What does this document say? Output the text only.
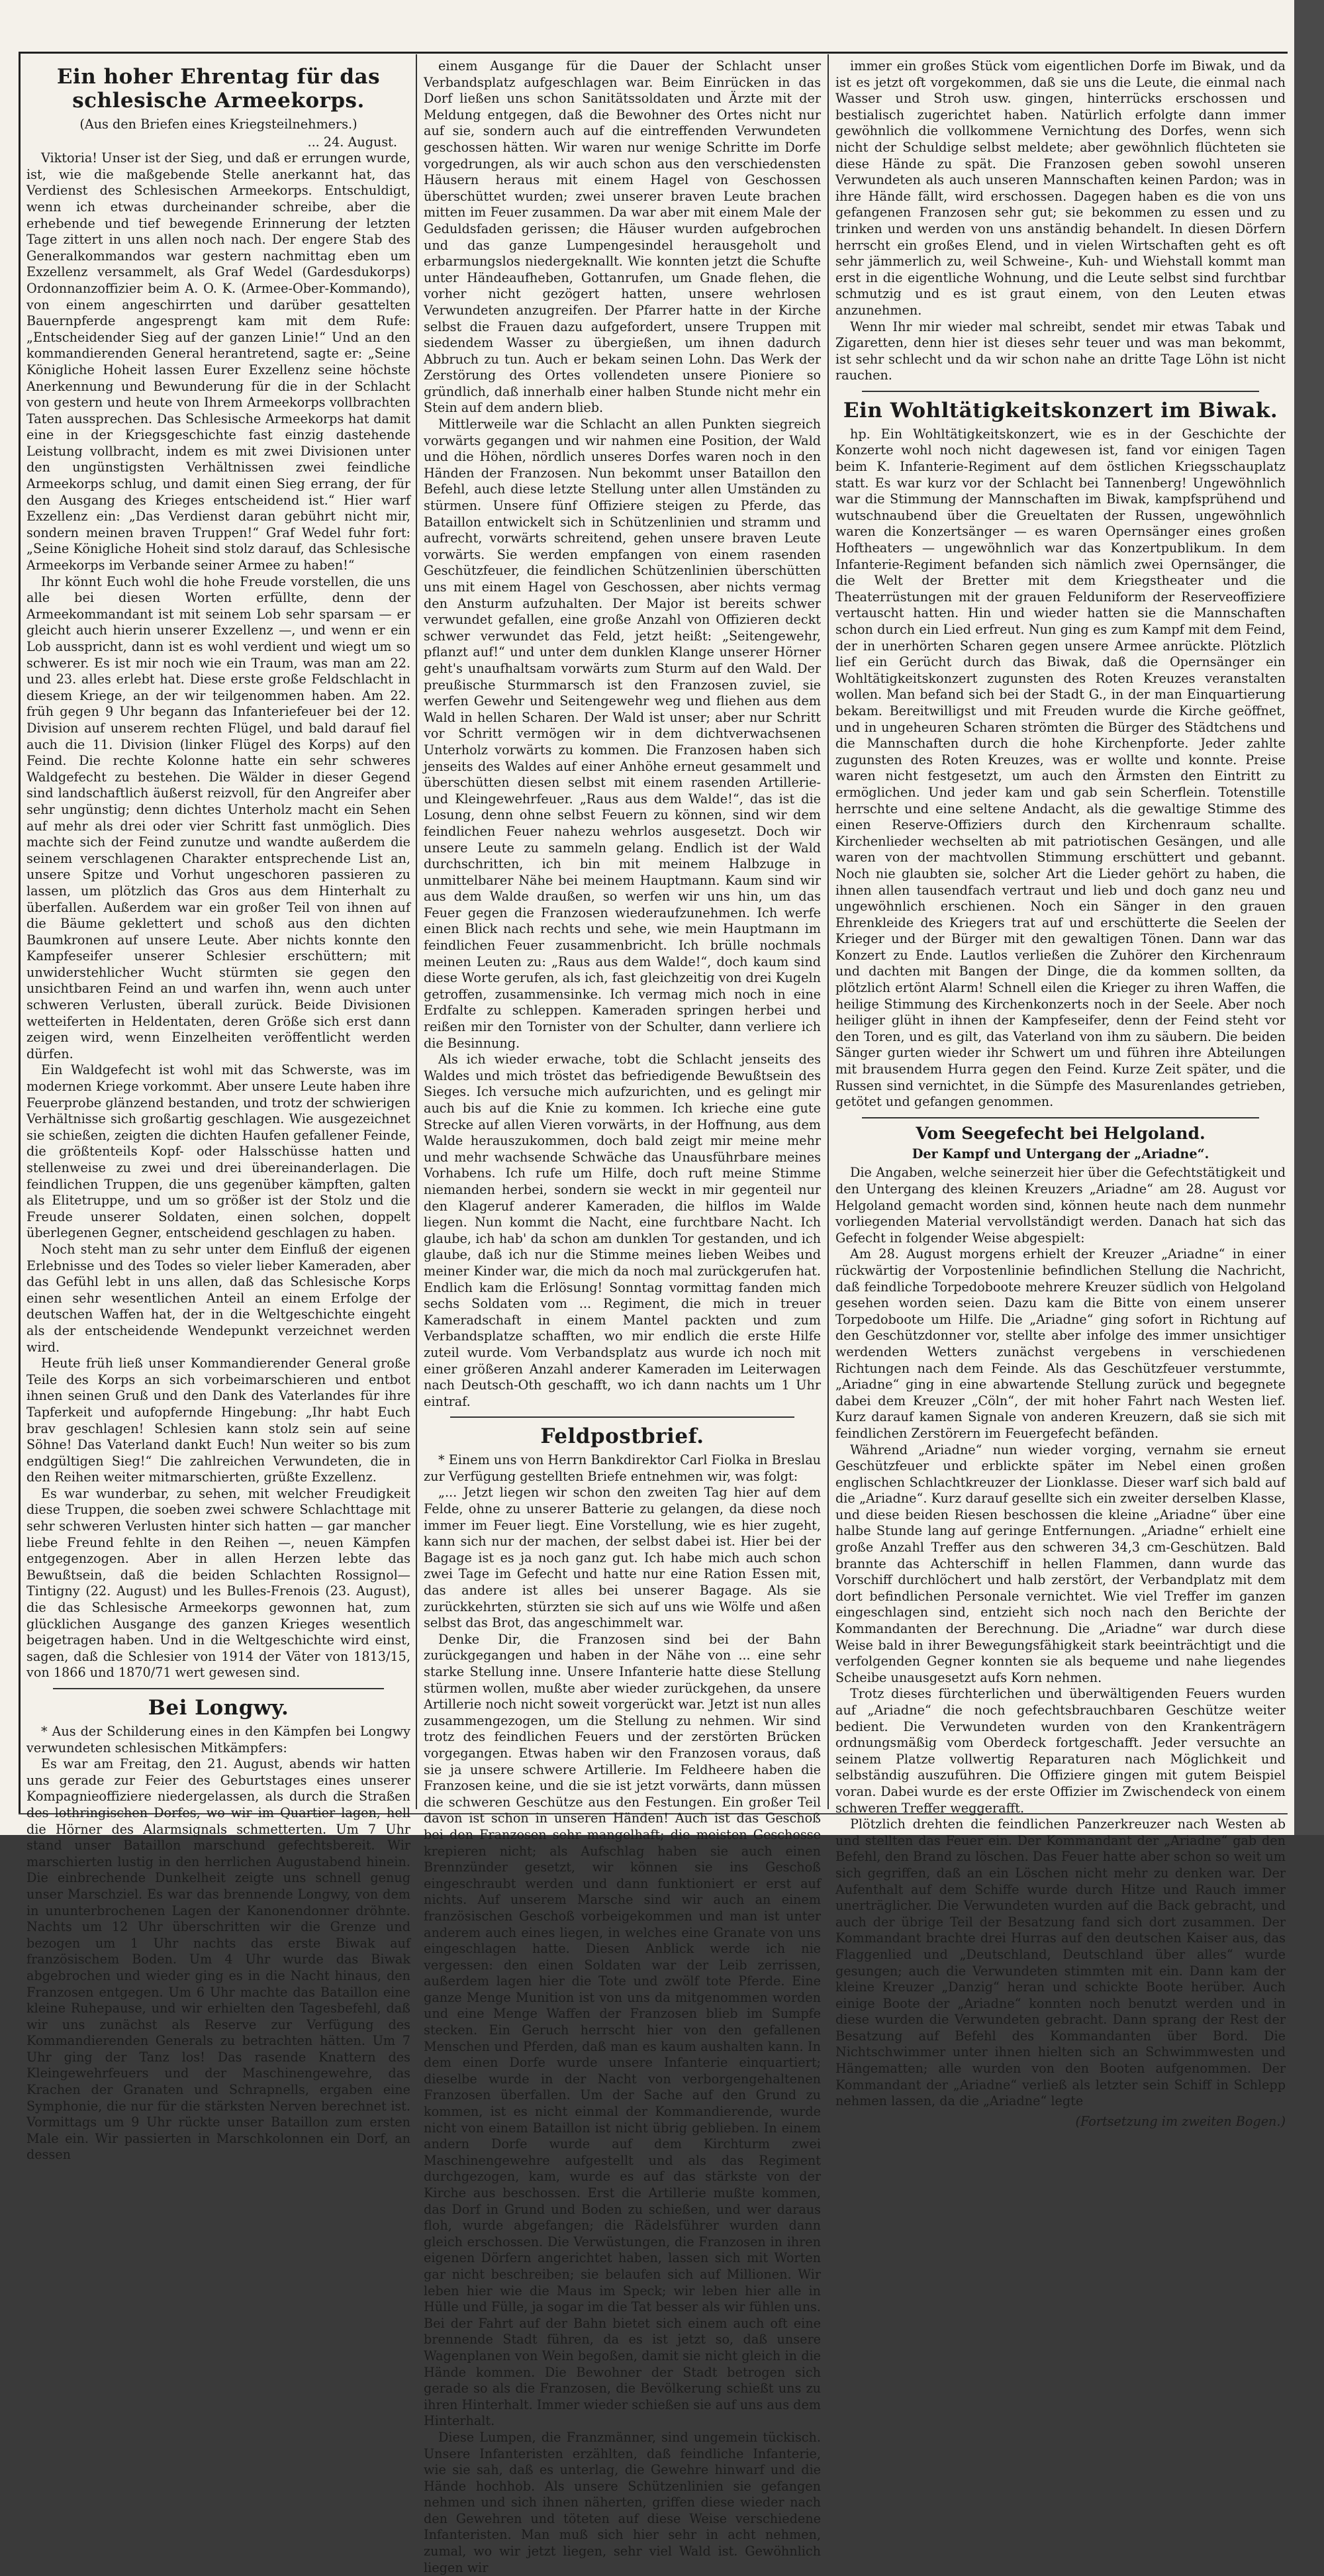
Ein hoher Ehrentag für das schlesische Armeekorps.
(Aus den Briefen eines Kriegsteilnehmers.)
... 24. August.

Viktoria! Unser ist der Sieg, und daß er errungen wurde, ist, wie die maßgebende Stelle anerkannt hat, das Verdienst des Schlesischen Armeekorps. Entschuldigt, wenn ich etwas durcheinander schreibe, aber die erhebende und tief bewegende Erinnerung der letzten Tage zittert in uns allen noch nach. Der engere Stab des Generalkommandos war gestern nachmittag eben um Exzellenz versammelt, als Graf Wedel (Gardesdukorps) Ordonnanzoffizier beim A. O. K. (Armee-Ober-Kommando), von einem angeschirrten und darüber gesattelten Bauernpferde angesprengt kam mit dem Rufe: „Entscheidender Sieg auf der ganzen Linie!“ Und an den kommandierenden General herantretend, sagte er: „Seine Königliche Hoheit lassen Eurer Exzellenz seine höchste Anerkennung und Bewunderung für die in der Schlacht von gestern und heute von Ihrem Armeekorps vollbrachten Taten aussprechen. Das Schlesische Armeekorps hat damit eine in der Kriegsgeschichte fast einzig dastehende Leistung vollbracht, indem es mit zwei Divisionen unter den ungünstigsten Verhältnissen zwei feindliche Armeekorps schlug, und damit einen Sieg errang, der für den Ausgang des Krieges entscheidend ist.“ Hier warf Exzellenz ein: „Das Verdienst daran gebührt nicht mir, sondern meinen braven Truppen!“ Graf Wedel fuhr fort: „Seine Königliche Hoheit sind stolz darauf, das Schlesische Armeekorps im Verbande seiner Armee zu haben!“

Ihr könnt Euch wohl die hohe Freude vorstellen, die uns alle bei diesen Worten erfüllte, denn der Armeekommandant ist mit seinem Lob sehr sparsam — er gleicht auch hierin unserer Exzellenz —, und wenn er ein Lob ausspricht, dann ist es wohl verdient und wiegt um so schwerer. Es ist mir noch wie ein Traum, was man am 22. und 23. alles erlebt hat. Diese erste große Feldschlacht in diesem Kriege, an der wir teilgenommen haben. Am 22. früh gegen 9 Uhr begann das Infanteriefeuer bei der 12. Division auf unserem rechten Flügel, und bald darauf fiel auch die 11. Division (linker Flügel des Korps) auf den Feind. Die rechte Kolonne hatte ein sehr schweres Waldgefecht zu bestehen. Die Wälder in dieser Gegend sind landschaftlich äußerst reizvoll, für den Angreifer aber sehr ungünstig; denn dichtes Unterholz macht ein Sehen auf mehr als drei oder vier Schritt fast unmöglich. Dies machte sich der Feind zunutze und wandte außerdem die seinem verschlagenen Charakter entsprechende List an, unsere Spitze und Vorhut ungeschoren passieren zu lassen, um plötzlich das Gros aus dem Hinterhalt zu überfallen. Außerdem war ein großer Teil von ihnen auf die Bäume geklettert und schoß aus den dichten Baumkronen auf unsere Leute. Aber nichts konnte den Kampfeseifer unserer Schlesier erschüttern; mit unwiderstehlicher Wucht stürmten sie gegen den unsichtbaren Feind an und warfen ihn, wenn auch unter schweren Verlusten, überall zurück. Beide Divisionen wetteiferten in Heldentaten, deren Größe sich erst dann zeigen wird, wenn Einzelheiten veröffentlicht werden dürfen.

Ein Waldgefecht ist wohl mit das Schwerste, was im modernen Kriege vorkommt. Aber unsere Leute haben ihre Feuerprobe glänzend bestanden, und trotz der schwierigen Verhältnisse sich großartig geschlagen. Wie ausgezeichnet sie schießen, zeigten die dichten Haufen gefallener Feinde, die größtenteils Kopf- oder Halsschüsse hatten und stellenweise zu zwei und drei übereinanderlagen. Die feindlichen Truppen, die uns gegenüber kämpften, galten als Elitetruppe, und um so größer ist der Stolz und die Freude unserer Soldaten, einen solchen, doppelt überlegenen Gegner, entscheidend geschlagen zu haben.

Noch steht man zu sehr unter dem Einfluß der eigenen Erlebnisse und des Todes so vieler lieber Kameraden, aber das Gefühl lebt in uns allen, daß das Schlesische Korps einen sehr wesentlichen Anteil an einem Erfolge der deutschen Waffen hat, der in die Weltgeschichte eingeht als der entscheidende Wendepunkt verzeichnet werden wird.

Heute früh ließ unser Kommandierender General große Teile des Korps an sich vorbeimarschieren und entbot ihnen seinen Gruß und den Dank des Vaterlandes für ihre Tapferkeit und aufopfernde Hingebung: „Ihr habt Euch brav geschlagen! Schlesien kann stolz sein auf seine Söhne! Das Vaterland dankt Euch! Nun weiter so bis zum endgültigen Sieg!“ Die zahlreichen Verwundeten, die in den Reihen weiter mitmarschierten, grüßte Exzellenz.

Es war wunderbar, zu sehen, mit welcher Freudigkeit diese Truppen, die soeben zwei schwere Schlachttage mit sehr schweren Verlusten hinter sich hatten — gar mancher liebe Freund fehlte in den Reihen —, neuen Kämpfen entgegenzogen. Aber in allen Herzen lebte das Bewußtsein, daß die beiden Schlachten Rossignol—Tintigny (22. August) und les Bulles-Frenois (23. August), die das Schlesische Armeekorps gewonnen hat, zum glücklichen Ausgange des ganzen Krieges wesentlich beigetragen haben. Und in die Weltgeschichte wird einst, sagen, daß die Schlesier von 1914 der Väter von 1813/15, von 1866 und 1870/71 wert gewesen sind.

Bei Longwy.

* Aus der Schilderung eines in den Kämpfen bei Longwy verwundeten schlesischen Mitkämpfers:

Es war am Freitag, den 21. August, abends wir hatten uns gerade zur Feier des Geburtstages eines unserer Kompagnieoffiziere niedergelassen, als durch die Straßen des lothringischen Dorfes, wo wir im Quartier lagen, hell die Hörner des Alarmsignals schmetterten. Um 7 Uhr stand unser Bataillon marschund gefechtsbereit. Wir marschierten lustig in den herrlichen Augustabend hinein. Die einbrechende Dunkelheit zeigte uns schnell genug unser Marschziel. Es war das brennende Longwy, von dem in ununterbrochenen Lagen der Kanonendonner dröhnte. Nachts um 12 Uhr überschritten wir die Grenze und bezogen um 1 Uhr nachts das erste Biwak auf französischem Boden. Um 4 Uhr wurde das Biwak abgebrochen und wieder ging es in die Nacht hinaus, den Franzosen entgegen. Um 6 Uhr machte das Bataillon eine kleine Ruhepause, und wir erhielten den Tagesbefehl, daß wir uns zunächst als Reserve zur Verfügung des Kommandierenden Generals zu betrachten hätten. Um 7 Uhr ging der Tanz los! Das rasende Knattern des Kleingewehrfeuers und der Maschinengewehre, das Krachen der Granaten und Schrapnells, ergaben eine Symphonie, die nur für die stärksten Nerven berechnet ist. Vormittags um 9 Uhr rückte unser Bataillon zum ersten Male ein. Wir passierten in Marschkolonnen ein Dorf, an dessen

einem Ausgange für die Dauer der Schlacht unser Verbandsplatz aufgeschlagen war. Beim Einrücken in das Dorf ließen uns schon Sanitätssoldaten und Ärzte mit der Meldung entgegen, daß die Bewohner des Ortes nicht nur auf sie, sondern auch auf die eintreffenden Verwundeten geschossen hätten. Wir waren nur wenige Schritte im Dorfe vorgedrungen, als wir auch schon aus den verschiedensten Häusern heraus mit einem Hagel von Geschossen überschüttet wurden; zwei unserer braven Leute brachen mitten im Feuer zusammen. Da war aber mit einem Male der Geduldsfaden gerissen; die Häuser wurden aufgebrochen und das ganze Lumpengesindel herausgeholt und erbarmungslos niedergeknallt. Wie konnten jetzt die Schufte unter Händeaufheben, Gottanrufen, um Gnade flehen, die vorher nicht gezögert hatten, unsere wehrlosen Verwundeten anzugreifen. Der Pfarrer hatte in der Kirche selbst die Frauen dazu aufgefordert, unsere Truppen mit siedendem Wasser zu übergießen, um ihnen dadurch Abbruch zu tun. Auch er bekam seinen Lohn. Das Werk der Zerstörung des Ortes vollendeten unsere Pioniere so gründlich, daß innerhalb einer halben Stunde nicht mehr ein Stein auf dem andern blieb.

Mittlerweile war die Schlacht an allen Punkten siegreich vorwärts gegangen und wir nahmen eine Position, der Wald und die Höhen, nördlich unseres Dorfes waren noch in den Händen der Franzosen. Nun bekommt unser Bataillon den Befehl, auch diese letzte Stellung unter allen Umständen zu stürmen. Unsere fünf Offiziere steigen zu Pferde, das Bataillon entwickelt sich in Schützenlinien und stramm und aufrecht, vorwärts schreitend, gehen unsere braven Leute vorwärts. Sie werden empfangen von einem rasenden Geschützfeuer, die feindlichen Schützenlinien überschütten uns mit einem Hagel von Geschossen, aber nichts vermag den Ansturm aufzuhalten. Der Major ist bereits schwer verwundet gefallen, eine große Anzahl von Offizieren deckt schwer verwundet das Feld, jetzt heißt: „Seitengewehr, pflanzt auf!“ und unter dem dunklen Klange unserer Hörner geht's unaufhaltsam vorwärts zum Sturm auf den Wald. Der preußische Sturmmarsch ist den Franzosen zuviel, sie werfen Gewehr und Seitengewehr weg und fliehen aus dem Wald in hellen Scharen. Der Wald ist unser; aber nur Schritt vor Schritt vermögen wir in dem dichtverwachsenen Unterholz vorwärts zu kommen. Die Franzosen haben sich jenseits des Waldes auf einer Anhöhe erneut gesammelt und überschütten diesen selbst mit einem rasenden Artillerie- und Kleingewehrfeuer. „Raus aus dem Walde!“, das ist die Losung, denn ohne selbst Feuern zu können, sind wir dem feindlichen Feuer nahezu wehrlos ausgesetzt. Doch wir unsere Leute zu sammeln gelang. Endlich ist der Wald durchschritten, ich bin mit meinem Halbzuge in unmittelbarer Nähe bei meinem Hauptmann. Kaum sind wir aus dem Walde draußen, so werfen wir uns hin, um das Feuer gegen die Franzosen wiederaufzunehmen. Ich werfe einen Blick nach rechts und sehe, wie mein Hauptmann im feindlichen Feuer zusammenbricht. Ich brülle nochmals meinen Leuten zu: „Raus aus dem Walde!“, doch kaum sind diese Worte gerufen, als ich, fast gleichzeitig von drei Kugeln getroffen, zusammensinke. Ich vermag mich noch in eine Erdfalte zu schleppen. Kameraden springen herbei und reißen mir den Tornister von der Schulter, dann verliere ich die Besinnung.

Als ich wieder erwache, tobt die Schlacht jenseits des Waldes und mich tröstet das befriedigende Bewußtsein des Sieges. Ich versuche mich aufzurichten, und es gelingt mir auch bis auf die Knie zu kommen. Ich krieche eine gute Strecke auf allen Vieren vorwärts, in der Hoffnung, aus dem Walde herauszukommen, doch bald zeigt mir meine mehr und mehr wachsende Schwäche das Unausführbare meines Vorhabens. Ich rufe um Hilfe, doch ruft meine Stimme niemanden herbei, sondern sie weckt in mir gegenteil nur den Klageruf anderer Kameraden, die hilflos im Walde liegen. Nun kommt die Nacht, eine furchtbare Nacht. Ich glaube, ich hab' da schon am dunklen Tor gestanden, und ich glaube, daß ich nur die Stimme meines lieben Weibes und meiner Kinder war, die mich da noch mal zurückgerufen hat. Endlich kam die Erlösung! Sonntag vormittag fanden mich sechs Soldaten vom ... Regiment, die mich in treuer Kameradschaft in einem Mantel packten und zum Verbandsplatze schafften, wo mir endlich die erste Hilfe zuteil wurde. Vom Verbandsplatz aus wurde ich noch mit einer größeren Anzahl anderer Kameraden im Leiterwagen nach Deutsch-Oth geschafft, wo ich dann nachts um 1 Uhr eintraf.

Feldpostbrief.

* Einem uns von Herrn Bankdirektor Carl Fiolka in Breslau zur Verfügung gestellten Briefe entnehmen wir, was folgt:

„... Jetzt liegen wir schon den zweiten Tag hier auf dem Felde, ohne zu unserer Batterie zu gelangen, da diese noch immer im Feuer liegt. Eine Vorstellung, wie es hier zugeht, kann sich nur der machen, der selbst dabei ist. Hier bei der Bagage ist es ja noch ganz gut. Ich habe mich auch schon zwei Tage im Gefecht und hatte nur eine Ration Essen mit, das andere ist alles bei unserer Bagage. Als sie zurückkehrten, stürzten sie sich auf uns wie Wölfe und aßen selbst das Brot, das angeschimmelt war.

Denke Dir, die Franzosen sind bei der Bahn zurückgegangen und haben in der Nähe von ... eine sehr starke Stellung inne. Unsere Infanterie hatte diese Stellung stürmen wollen, mußte aber wieder zurückgehen, da unsere Artillerie noch nicht soweit vorgerückt war. Jetzt ist nun alles zusammengezogen, um die Stellung zu nehmen. Wir sind trotz des feindlichen Feuers und der zerstörten Brücken vorgegangen. Etwas haben wir den Franzosen voraus, daß sie ja unsere schwere Artillerie. Im Feldheere haben die Franzosen keine, und die sie ist jetzt vorwärts, dann müssen die schweren Geschütze aus den Festungen. Ein großer Teil davon ist schon in unseren Händen! Auch ist das Geschoß bei den Franzosen sehr mangelhaft; die meisten Geschosse krepieren nicht; als Aufschlag haben sie auch einen Brennzünder gesetzt, wir können sie ins Geschoß eingeschraubt werden und dann funktioniert er erst auf nichts. Auf unserem Marsche sind wir auch an einem französischen Geschoß vorbeigekommen und man ist unter anderem auch eines liegen, in welches eine Granate von uns eingeschlagen hatte. Diesen Anblick werde ich nie vergessen: den einen Soldaten war der Leib zerrissen, außerdem lagen hier die Tote und zwölf tote Pferde. Eine ganze Menge Munition ist von uns da mitgenommen worden und eine Menge Waffen der Franzosen blieb im Sumpfe stecken. Ein Geruch herrscht hier von den gefallenen Menschen und Pferden, daß man es kaum aushalten kann. In dem einen Dorfe wurde unsere Infanterie einquartiert; dieselbe wurde in der Nacht von verborgengehaltenen Franzosen überfallen. Um der Sache auf den Grund zu kommen, ist es nicht einmal der Kommandierende, wurde nicht von einem Bataillon ist nicht übrig geblieben. In einem andern Dorfe wurde auf dem Kirchturm zwei Maschinengewehre aufgestellt und als das Regiment durchgezogen, kam, wurde es auf das stärkste von der Kirche aus beschossen. Erst die Artillerie mußte kommen, das Dorf in Grund und Boden zu schießen, und wer daraus floh, wurde abgefangen; die Rädelsführer wurden dann gleich erschossen. Die Verwüstungen, die Franzosen in ihren eigenen Dörfern angerichtet haben, lassen sich mit Worten gar nicht beschreiben; sie belaufen sich auf Millionen. Wir leben hier wie die Maus im Speck; wir leben hier alle in Hülle und Fülle, ja sogar im die Tat besser als wir fühlen uns. Bei der Fahrt auf der Bahn bietet sich einem auch oft eine brennende Stadt führen, da es ist jetzt so, daß unsere Wagenplanen von Wein begoßen, damit sie nicht gleich in die Hände kommen. Die Bewohner der Stadt betrogen sich gerade so als die Franzosen, die Bevölkerung schießt uns zu ihren Hinterhalt. Immer wieder schießen sie auf uns aus dem Hinterhalt.

Diese Lumpen, die Franzmänner, sind ungemein tückisch. Unsere Infanteristen erzählten, daß feindliche Infanterie, wie sie sah, daß es unterlag, die Gewehre hinwarf und die Hände hochhob. Als unsere Schützenlinien sie gefangen nehmen und sich ihnen näherten, griffen diese wieder nach den Gewehren und töteten auf diese Weise verschiedene Infanteristen. Man muß sich hier sehr in acht nehmen, zumal, wo wir jetzt liegen, sehr viel Wald ist. Gewöhnlich liegen wir

immer ein großes Stück vom eigentlichen Dorfe im Biwak, und da ist es jetzt oft vorgekommen, daß sie uns die Leute, die einmal nach Wasser und Stroh usw. gingen, hinterrücks erschossen und bestialisch zugerichtet haben. Natürlich erfolgte dann immer gewöhnlich die vollkommene Vernichtung des Dorfes, wenn sich nicht der Schuldige selbst meldete; aber gewöhnlich flüchteten sie diese Hände zu spät. Die Franzosen geben sowohl unseren Verwundeten als auch unseren Mannschaften keinen Pardon; was in ihre Hände fällt, wird erschossen. Dagegen haben es die von uns gefangenen Franzosen sehr gut; sie bekommen zu essen und zu trinken und werden von uns anständig behandelt. In diesen Dörfern herrscht ein großes Elend, und in vielen Wirtschaften geht es oft sehr jämmerlich zu, weil Schweine-, Kuh- und Wiehstall kommt man erst in die eigentliche Wohnung, und die Leute selbst sind furchtbar schmutzig und es ist graut einem, von den Leuten etwas anzunehmen.

Wenn Ihr mir wieder mal schreibt, sendet mir etwas Tabak und Zigaretten, denn hier ist dieses sehr teuer und was man bekommt, ist sehr schlecht und da wir schon nahe an dritte Tage Löhn ist nicht rauchen.

Ein Wohltätigkeitskonzert im Biwak.

hp. Ein Wohltätigkeitskonzert, wie es in der Geschichte der Konzerte wohl noch nicht dagewesen ist, fand vor einigen Tagen beim K. Infanterie-Regiment auf dem östlichen Kriegsschauplatz statt. Es war kurz vor der Schlacht bei Tannenberg! Ungewöhnlich war die Stimmung der Mannschaften im Biwak, kampfsprühend und wutschnaubend über die Greueltaten der Russen, ungewöhnlich waren die Konzertsänger — es waren Opernsänger eines großen Hoftheaters — ungewöhnlich war das Konzertpublikum. In dem Infanterie-Regiment befanden sich nämlich zwei Opernsänger, die die Welt der Bretter mit dem Kriegstheater und die Theaterrüstungen mit der grauen Felduniform der Reserveoffiziere vertauscht hatten. Hin und wieder hatten sie die Mannschaften schon durch ein Lied erfreut. Nun ging es zum Kampf mit dem Feind, der in unerhörten Scharen gegen unsere Armee anrückte. Plötzlich lief ein Gerücht durch das Biwak, daß die Opernsänger ein Wohltätigkeitskonzert zugunsten des Roten Kreuzes veranstalten wollen. Man befand sich bei der Stadt G., in der man Einquartierung bekam. Bereitwilligst und mit Freuden wurde die Kirche geöffnet, und in ungeheuren Scharen strömten die Bürger des Städtchens und die Mannschaften durch die hohe Kirchenpforte. Jeder zahlte zugunsten des Roten Kreuzes, was er wollte und konnte. Preise waren nicht festgesetzt, um auch den Ärmsten den Eintritt zu ermöglichen. Und jeder kam und gab sein Scherflein. Totenstille herrschte und eine seltene Andacht, als die gewaltige Stimme des einen Reserve-Offiziers durch den Kirchenraum schallte. Kirchenlieder wechselten ab mit patriotischen Gesängen, und alle waren von der machtvollen Stimmung erschüttert und gebannt. Noch nie glaubten sie, solcher Art die Lieder gehört zu haben, die ihnen allen tausendfach vertraut und lieb und doch ganz neu und ungewöhnlich erschienen. Noch ein Sänger in den grauen Ehrenkleide des Kriegers trat auf und erschütterte die Seelen der Krieger und der Bürger mit den gewaltigen Tönen. Dann war das Konzert zu Ende. Lautlos verließen die Zuhörer den Kirchenraum und dachten mit Bangen der Dinge, die da kommen sollten, da plötzlich ertönt Alarm! Schnell eilen die Krieger zu ihren Waffen, die heilige Stimmung des Kirchenkonzerts noch in der Seele. Aber noch heiliger glüht in ihnen der Kampfeseifer, denn der Feind steht vor den Toren, und es gilt, das Vaterland von ihm zu säubern. Die beiden Sänger gurten wieder ihr Schwert um und führen ihre Abteilungen mit brausendem Hurra gegen den Feind. Kurze Zeit später, und die Russen sind vernichtet, in die Sümpfe des Masurenlandes getrieben, getötet und gefangen genommen.

Vom Seegefecht bei Helgoland.
Der Kampf und Untergang der „Ariadne“.

Die Angaben, welche seinerzeit hier über die Gefechtstätigkeit und den Untergang des kleinen Kreuzers „Ariadne“ am 28. August vor Helgoland gemacht worden sind, können heute nach dem nunmehr vorliegenden Material vervollständigt werden. Danach hat sich das Gefecht in folgender Weise abgespielt:

Am 28. August morgens erhielt der Kreuzer „Ariadne“ in einer rückwärtig der Vorpostenlinie befindlichen Stellung die Nachricht, daß feindliche Torpedoboote mehrere Kreuzer südlich von Helgoland gesehen worden seien. Dazu kam die Bitte von einem unserer Torpedoboote um Hilfe. Die „Ariadne“ ging sofort in Richtung auf den Geschützdonner vor, stellte aber infolge des immer unsichtiger werdenden Wetters zunächst vergebens in verschiedenen Richtungen nach dem Feinde. Als das Geschützfeuer verstummte, „Ariadne“ ging in eine abwartende Stellung zurück und begegnete dabei dem Kreuzer „Cöln“, der mit hoher Fahrt nach Westen lief. Kurz darauf kamen Signale von anderen Kreuzern, daß sie sich mit feindlichen Zerstörern im Feuergefecht befänden.

Während „Ariadne“ nun wieder vorging, vernahm sie erneut Geschützfeuer und erblickte später im Nebel einen großen englischen Schlachtkreuzer der Lionklasse. Dieser warf sich bald auf die „Ariadne“. Kurz darauf gesellte sich ein zweiter derselben Klasse, und diese beiden Riesen beschossen die kleine „Ariadne“ über eine halbe Stunde lang auf geringe Entfernungen. „Ariadne“ erhielt eine große Anzahl Treffer aus den schweren 34,3 cm-Geschützen. Bald brannte das Achterschiff in hellen Flammen, dann wurde das Vorschiff durchlöchert und halb zerstört, der Verbandplatz mit dem dort befindlichen Personale vernichtet. Wie viel Treffer im ganzen eingeschlagen sind, entzieht sich noch nach den Berichte der Kommandanten der Berechnung. Die „Ariadne“ war durch diese Weise bald in ihrer Bewegungsfähigkeit stark beeinträchtigt und die verfolgenden Gegner konnten sie als bequeme und nahe liegendes Scheibe unausgesetzt aufs Korn nehmen.

Trotz dieses fürchterlichen und überwältigenden Feuers wurden auf „Ariadne“ die noch gefechtsbrauchbaren Geschütze weiter bedient. Die Verwundeten wurden von den Krankenträgern ordnungsmäßig vom Oberdeck fortgeschafft. Jeder versuchte an seinem Platze vollwertig Reparaturen nach Möglichkeit und selbständig auszuführen. Die Offiziere gingen mit gutem Beispiel voran. Dabei wurde es der erste Offizier im Zwischendeck von einem schweren Treffer weggerafft.

Plötzlich drehten die feindlichen Panzerkreuzer nach Westen ab und stellten das Feuer ein. Der Kommandant der „Ariadne“ gab den Befehl, den Brand zu löschen. Das Feuer hatte aber schon so weit um sich gegriffen, daß an ein Löschen nicht mehr zu denken war. Der Aufenthalt auf dem Schiffe wurde durch Hitze und Rauch immer unerträglicher. Die Verwundeten wurden auf die Back gebracht, und auch der übrige Teil der Besatzung fand sich dort zusammen. Der Kommandant brachte drei Hurras auf den deutschen Kaiser aus, das Flaggenlied und „Deutschland, Deutschland über alles“ wurde gesungen; auch die Verwundeten stimmten mit ein. Dann kam der kleine Kreuzer „Danzig“ heran und schickte Boote herüber. Auch einige Boote der „Ariadne“ konnten noch benutzt werden und in diese wurden die Verwundeten gebracht. Dann sprang der Rest der Besatzung auf Befehl des Kommandanten über Bord. Die Nichtschwimmer unter ihnen hielten sich an Schwimmwesten und Hängematten; alle wurden von den Booten aufgenommen. Der Kommandant der „Ariadne“ verließ als letzter sein Schiff in Schlepp nehmen lassen, da die „Ariadne“ legte

(Fortsetzung im zweiten Bogen.)
